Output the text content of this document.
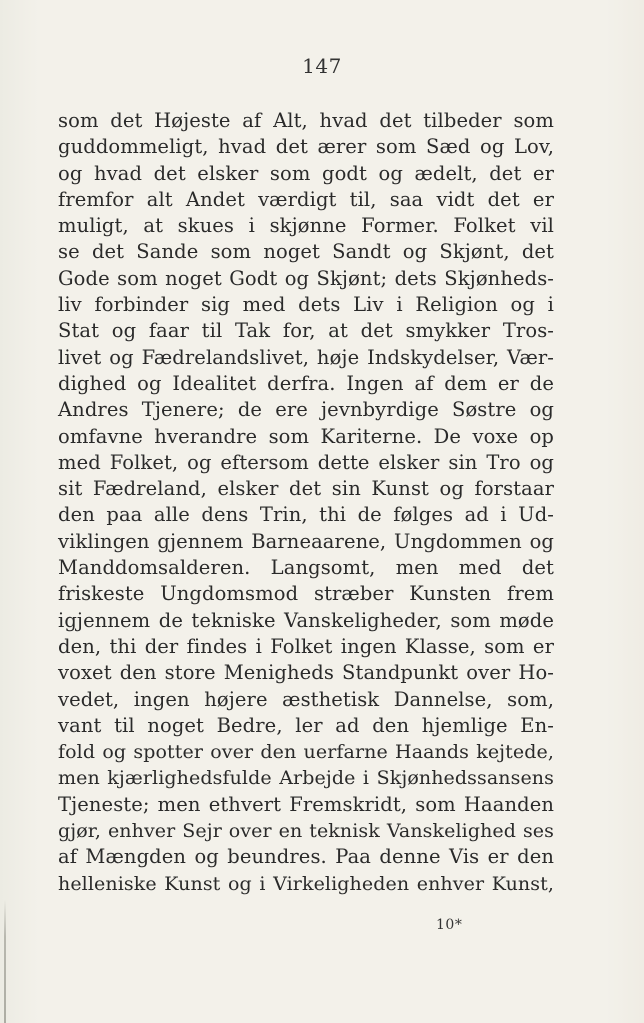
147
som det Højeste af Alt, hvad det tilbeder som
guddommeligt, hvad det ærer som Sæd og Lov,
og hvad det elsker som godt og ædelt, det er
fremfor alt Andet værdigt til, saa vidt det er
muligt, at skues i skjønne Former. Folket vil
se det Sande som noget Sandt og Skjønt, det
Gode som noget Godt og Skjønt; dets Skjønheds-
liv forbinder sig med dets Liv i Religion og i
Stat og faar til Tak for, at det smykker Tros-
livet og Fædrelandslivet, høje Indskydelser, Vær-
dighed og Idealitet derfra. Ingen af dem er de
Andres Tjenere; de ere jevnbyrdige Søstre og
omfavne hverandre som Kariterne. De voxe op
med Folket, og eftersom dette elsker sin Tro og
sit Fædreland, elsker det sin Kunst og forstaar
den paa alle dens Trin, thi de følges ad i Ud-
viklingen gjennem Barneaarene, Ungdommen og
Manddomsalderen. Langsomt, men med det
friskeste Ungdomsmod stræber Kunsten frem
igjennem de tekniske Vanskeligheder, som møde
den, thi der findes i Folket ingen Klasse, som er
voxet den store Menigheds Standpunkt over Ho-
vedet, ingen højere æsthetisk Dannelse, som,
vant til noget Bedre, ler ad den hjemlige En-
fold og spotter over den uerfarne Haands kejtede,
men kjærlighedsfulde Arbejde i Skjønhedssansens
Tjeneste; men ethvert Fremskridt, som Haanden
gjør, enhver Sejr over en teknisk Vanskelighed ses
af Mængden og beundres. Paa denne Vis er den
helleniske Kunst og i Virkeligheden enhver Kunst,
10*
